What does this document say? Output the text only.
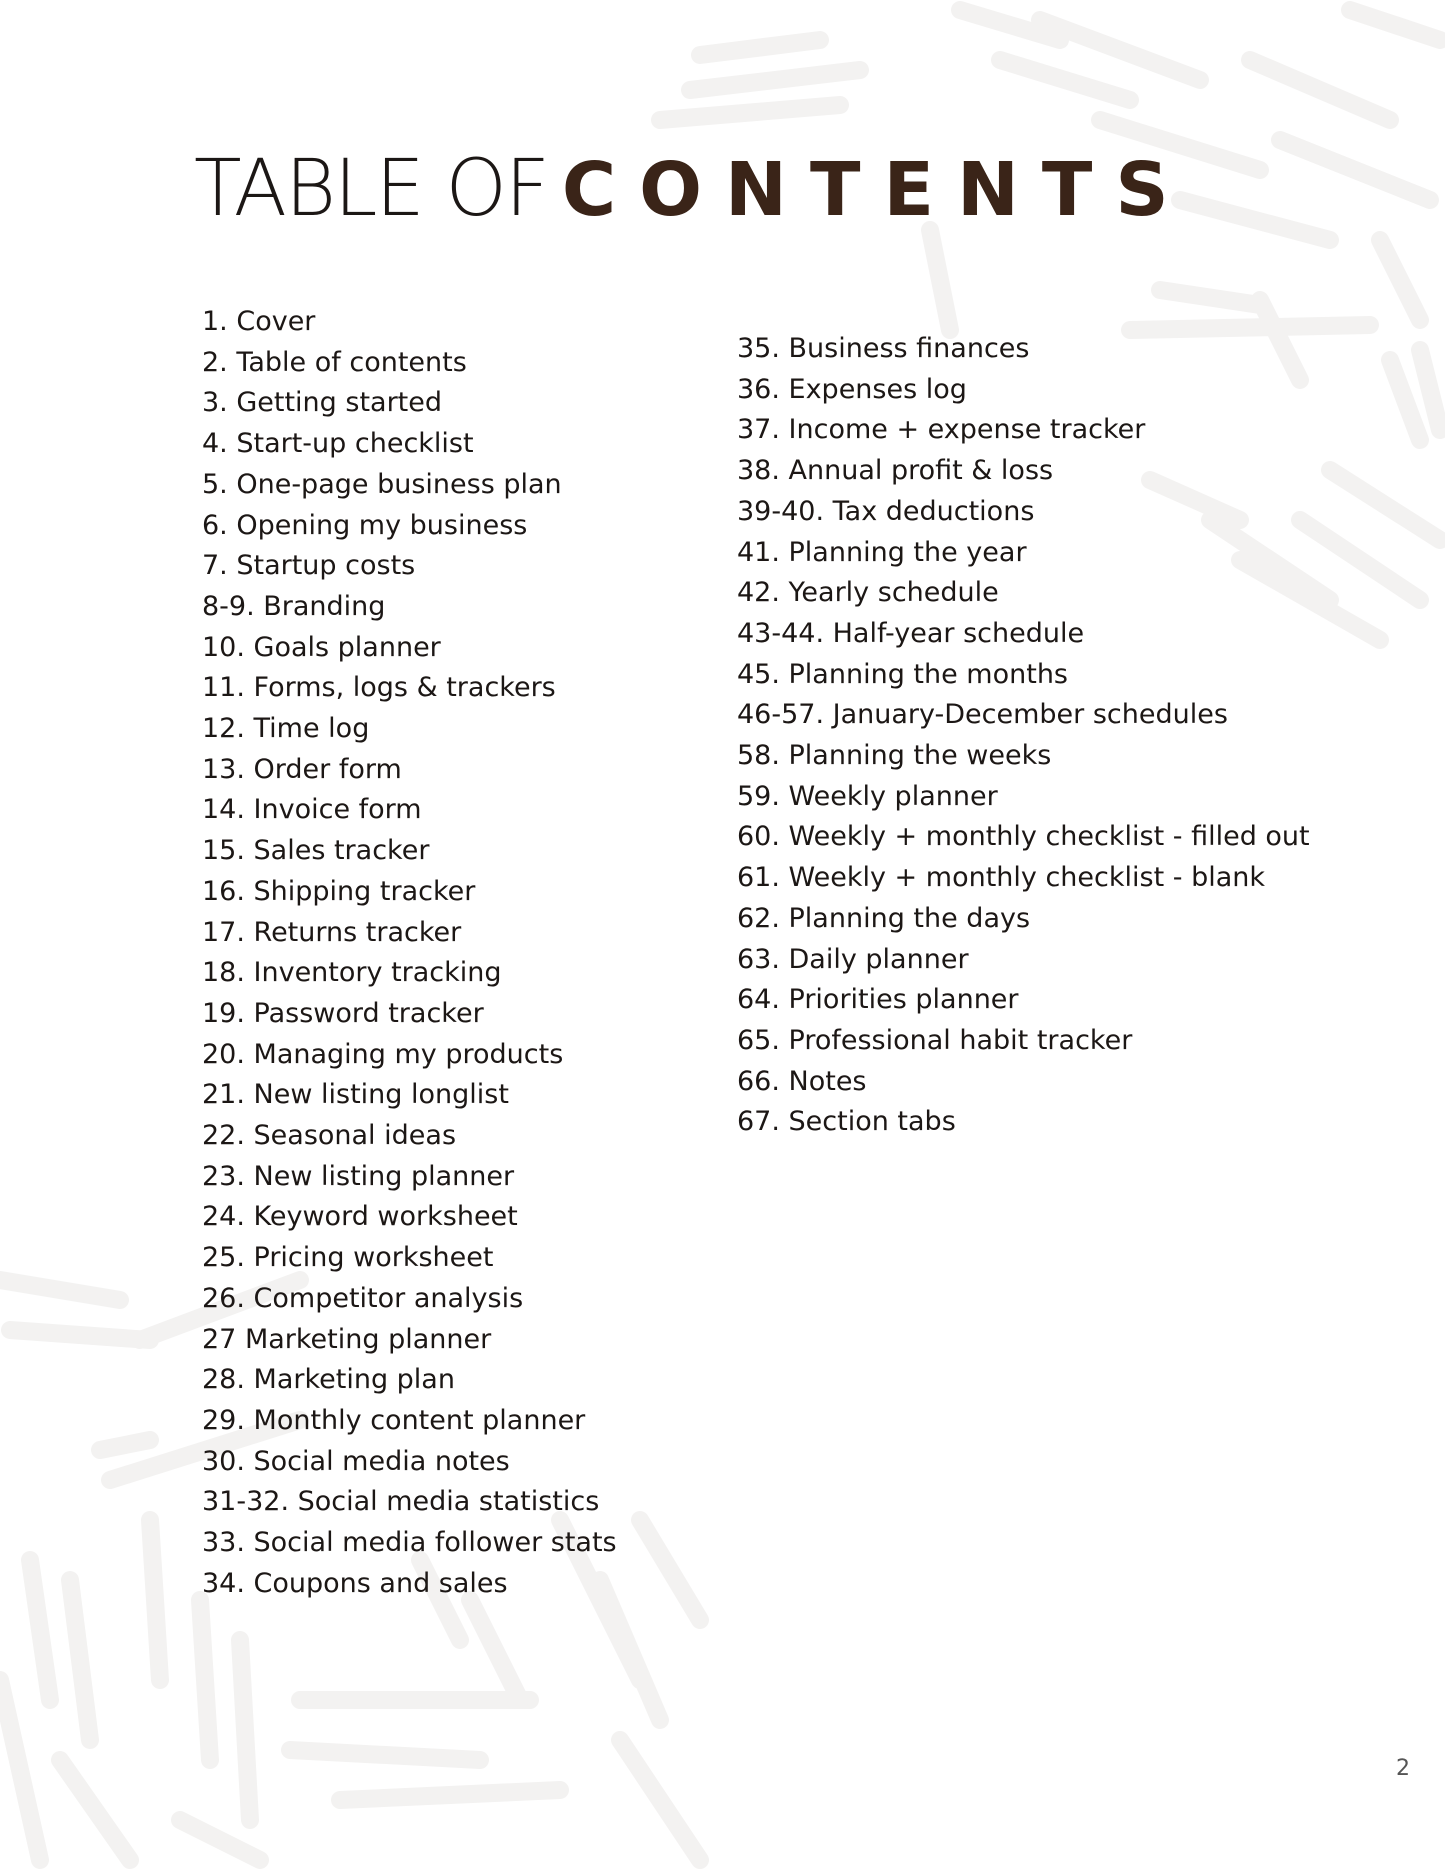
TABLE OF CONTENTS
1. Cover
2. Table of contents
3. Getting started
4. Start-up checklist
5. One-page business plan
6. Opening my business
7. Startup costs
8-9. Branding
10. Goals planner
11. Forms, logs & trackers
12. Time log
13. Order form
14. Invoice form
15. Sales tracker
16. Shipping tracker
17. Returns tracker
18. Inventory tracking
19. Password tracker
20. Managing my products
21. New listing longlist
22. Seasonal ideas
23. New listing planner
24. Keyword worksheet
25. Pricing worksheet
26. Competitor analysis
27 Marketing planner
28. Marketing plan
29. Monthly content planner
30. Social media notes
31-32. Social media statistics
33. Social media follower stats
34. Coupons and sales
35. Business finances
36. Expenses log
37. Income + expense tracker
38. Annual profit & loss
39-40. Tax deductions
41. Planning the year
42. Yearly schedule
43-44. Half-year schedule
45. Planning the months
46-57. January-December schedules
58. Planning the weeks
59. Weekly planner
60. Weekly + monthly checklist - filled out
61. Weekly + monthly checklist - blank
62. Planning the days
63. Daily planner
64. Priorities planner
65. Professional habit tracker
66. Notes
67. Section tabs
2
